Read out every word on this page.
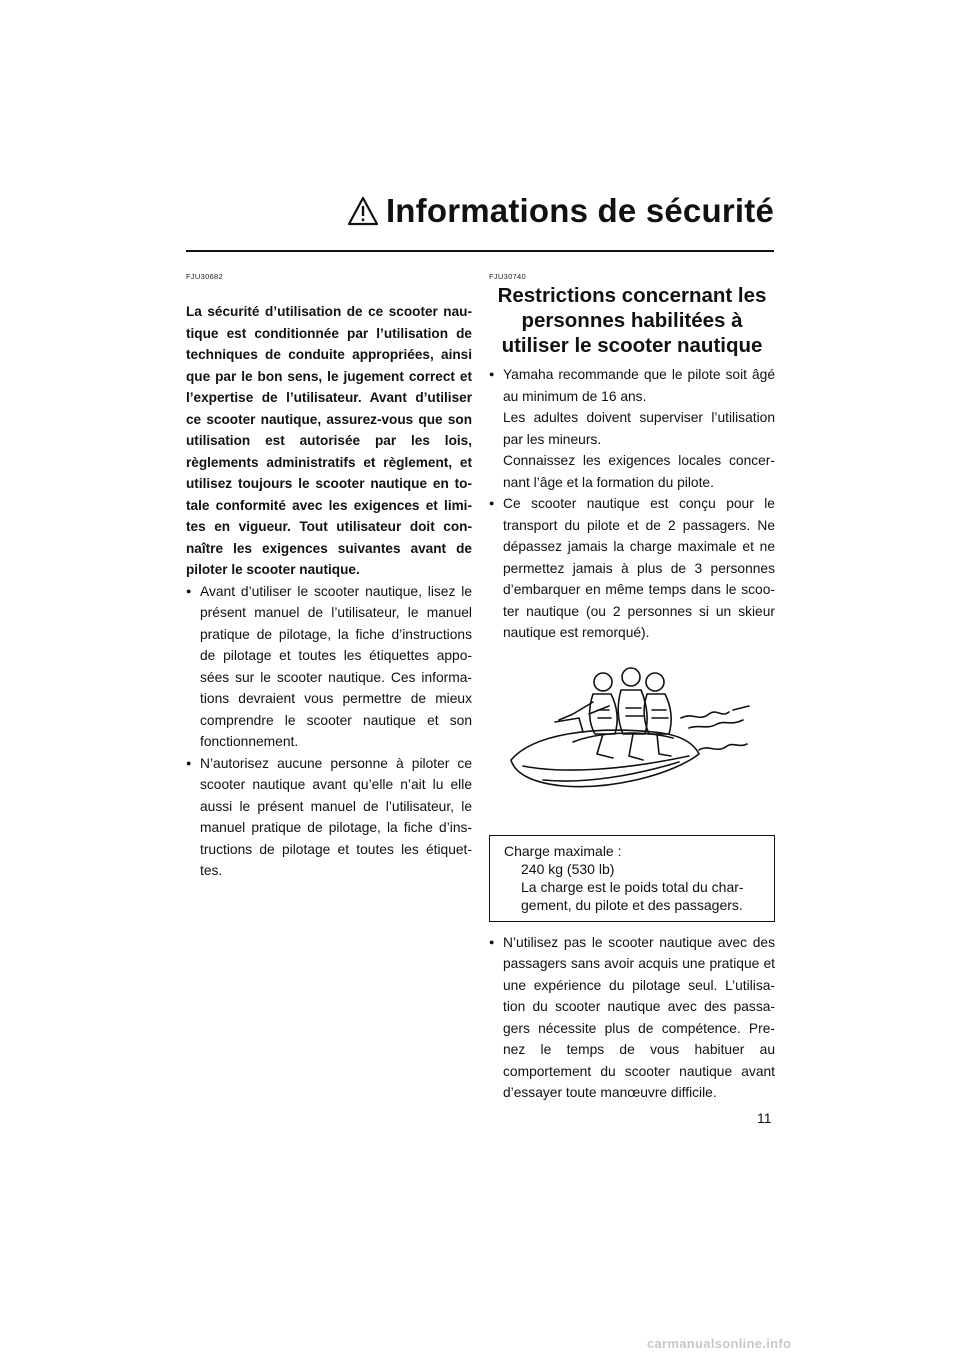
Informations de sécurité
FJU30682

La sécurité d’utilisation de ce scooter nau-tique est conditionnée par l’utilisation de techniques de conduite appropriées, ainsi que par le bon sens, le jugement correct et l’expertise de l’utilisateur. Avant d’utiliser ce scooter nautique, assurez-vous que son utilisation est autorisée par les lois, règlements administratifs et règlement, et utilisez toujours le scooter nautique en to-tale conformité avec les exigences et limi-tes en vigueur. Tout utilisateur doit con-naître les exigences suivantes avant de piloter le scooter nautique.

● Avant d’utiliser le scooter nautique, lisez le présent manuel de l’utilisateur, le manuel pratique de pilotage, la fiche d’instructions de pilotage et toutes les étiquettes appo-sées sur le scooter nautique. Ces informa-tions devraient vous permettre de mieux comprendre le scooter nautique et son fonctionnement.

● N’autorisez aucune personne à piloter ce scooter nautique avant qu’elle n’ait lu elle aussi le présent manuel de l’utilisateur, le manuel pratique de pilotage, la fiche d’ins-tructions de pilotage et toutes les étiquet-tes.

FJU30740
Restrictions concernant les personnes habilitées à utiliser le scooter nautique

● Yamaha recommande que le pilote soit âgé au minimum de 16 ans.

Les adultes doivent superviser l’utilisation par les mineurs.

Connaissez les exigences locales concer-nant l’âge et la formation du pilote.

● Ce scooter nautique est conçu pour le transport du pilote et de 2 passagers. Ne dépassez jamais la charge maximale et ne permettez jamais à plus de 3 personnes d’embarquer en même temps dans le scoo-ter nautique (ou 2 personnes si un skieur nautique est remorqué).

Charge maximale :
240 kg (530 lb)
La charge est le poids total du char-gement, du pilote et des passagers.

● N’utilisez pas le scooter nautique avec des passagers sans avoir acquis une pratique et une expérience du pilotage seul. L’utilisa-tion du scooter nautique avec des passa-gers nécessite plus de compétence. Pre-nez le temps de vous habituer au comportement du scooter nautique avant d’essayer toute manœuvre difficile.

11
carmanualsonline.info
